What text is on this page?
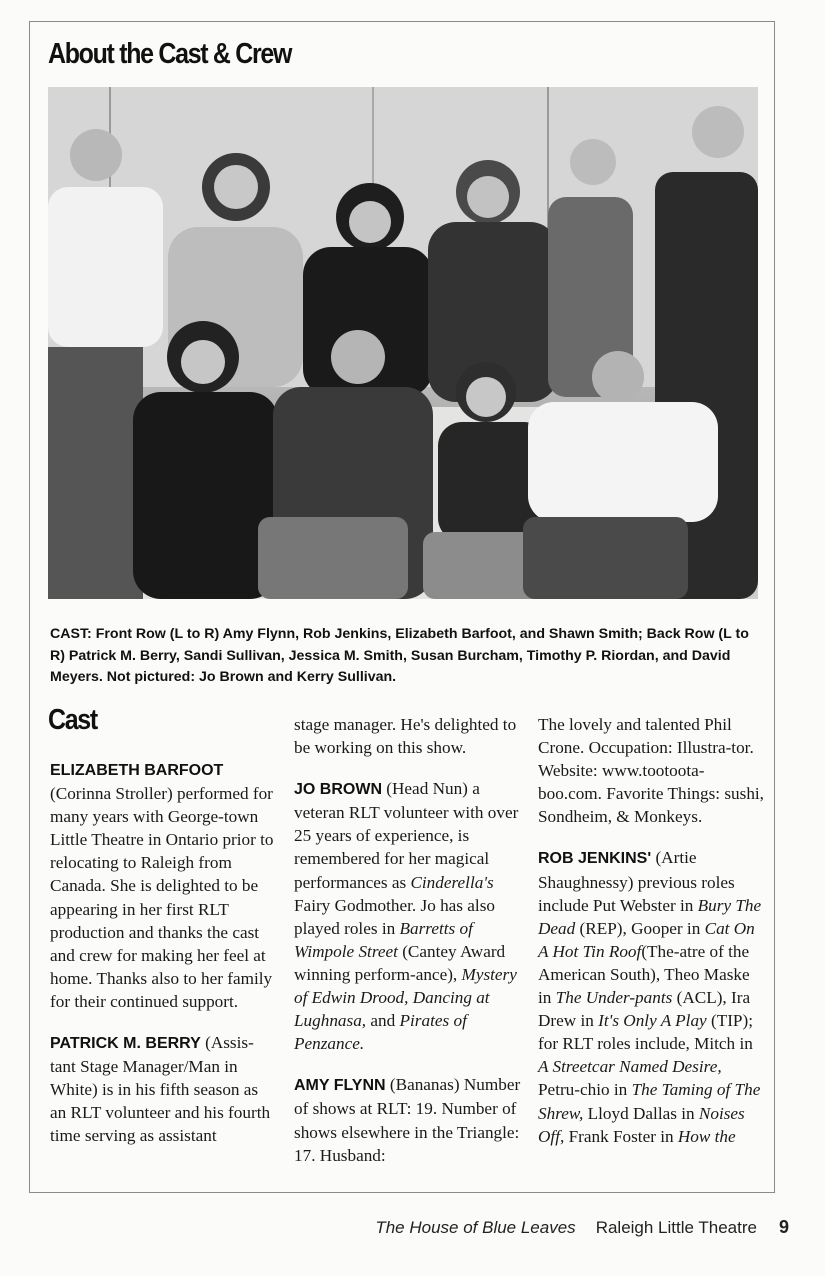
About the Cast & Crew
CAST: Front Row (L to R) Amy Flynn, Rob Jenkins, Elizabeth Barfoot, and Shawn Smith; Back Row (L to R) Patrick M. Berry, Sandi Sullivan, Jessica M. Smith, Susan Burcham, Timothy P. Riordan, and David Meyers. Not pictured: Jo Brown and Kerry Sullivan.
Cast

ELIZABETH BARFOOT (Corinna Stroller) performed for many years with George-town Little Theatre in Ontario prior to relocating to Raleigh from Canada. She is delighted to be appearing in her first RLT production and thanks the cast and crew for making her feel at home. Thanks also to her family for their continued support.

PATRICK M. BERRY (Assis-tant Stage Manager/Man in White) is in his fifth season as an RLT volunteer and his fourth time serving as assistant

stage manager. He's delighted to be working on this show.

JO BROWN (Head Nun) a veteran RLT volunteer with over 25 years of experience, is remembered for her magical performances as Cinderella's Fairy Godmother. Jo has also played roles in Barretts of Wimpole Street (Cantey Award winning perform-ance), Mystery of Edwin Drood, Dancing at Lughnasa, and Pirates of Penzance.

AMY FLYNN (Bananas) Number of shows at RLT: 19. Number of shows elsewhere in the Triangle: 17. Husband:

The lovely and talented Phil Crone. Occupation: Illustra-tor. Website: www.tootoota-boo.com. Favorite Things: sushi, Sondheim, & Monkeys.

ROB JENKINS' (Artie Shaughnessy) previous roles include Put Webster in Bury The Dead (REP), Gooper in Cat On A Hot Tin Roof(The-atre of the American South), Theo Maske in The Under-pants (ACL), Ira Drew in It's Only A Play (TIP); for RLT roles include, Mitch in A Streetcar Named Desire, Petru-chio in The Taming of The Shrew, Lloyd Dallas in Noises Off, Frank Foster in How the

The House of Blue Leaves Raleigh Little Theatre 9
